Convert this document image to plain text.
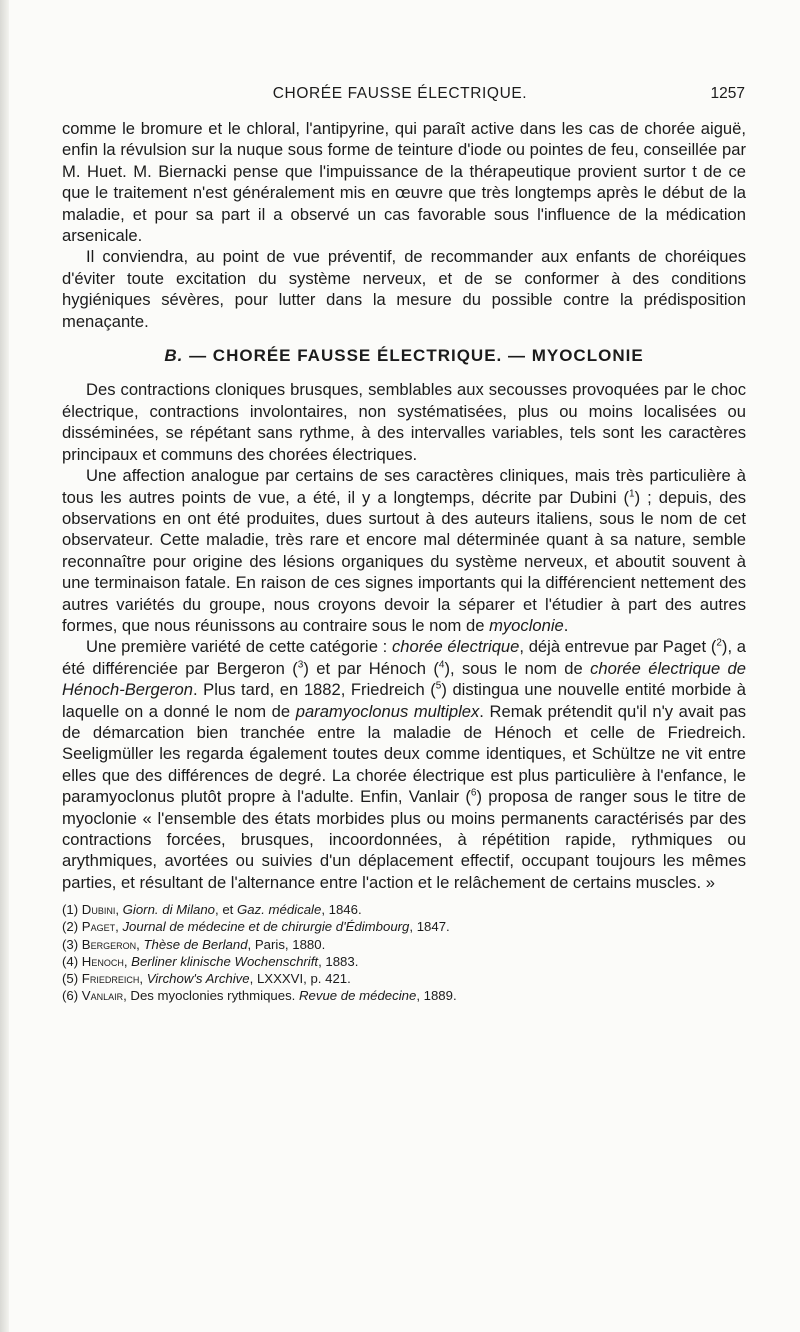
CHORÉE FAUSSE ÉLECTRIQUE.	1257

comme le bromure et le chloral, l'antipyrine, qui paraît active dans les cas de chorée aiguë, enfin la révulsion sur la nuque sous forme de teinture d'iode ou pointes de feu, conseillée par M. Huet. M. Biernacki pense que l'impuissance de la thérapeutique provient surtor t de ce que le traitement n'est généralement mis en œuvre que très longtemps après le début de la maladie, et pour sa part il a observé un cas favorable sous l'influence de la médication arsenicale.

Il conviendra, au point de vue préventif, de recommander aux enfants de choréiques d'éviter toute excitation du système nerveux, et de se conformer à des conditions hygiéniques sévères, pour lutter dans la mesure du possible contre la prédisposition menaçante.

B. — CHORÉE FAUSSE ÉLECTRIQUE. — MYOCLONIE

Des contractions cloniques brusques, semblables aux secousses provoquées par le choc électrique, contractions involontaires, non systématisées, plus ou moins localisées ou disséminées, se répétant sans rythme, à des intervalles variables, tels sont les caractères principaux et communs des chorées électriques.

Une affection analogue par certains de ses caractères cliniques, mais très particulière à tous les autres points de vue, a été, il y a longtemps, décrite par Dubini ($^1$) ; depuis, des observations en ont été produites, dues surtout à des auteurs italiens, sous le nom de cet observateur. Cette maladie, très rare et encore mal déterminée quant à sa nature, semble reconnaître pour origine des lésions organiques du système nerveux, et aboutit souvent à une terminaison fatale. En raison de ces signes importants qui la différencient nettement des autres variétés du groupe, nous croyons devoir la séparer et l'étudier à part des autres formes, que nous réunissons au contraire sous le nom de myoclonie.

Une première variété de cette catégorie : chorée électrique, déjà entrevue par Paget ($^2$), a été différenciée par Bergeron ($^3$) et par Hénoch ($^4$), sous le nom de chorée électrique de Hénoch-Bergeron. Plus tard, en 1882, Friedreich ($^5$) distingua une nouvelle entité morbide à laquelle on a donné le nom de paramyoclonus multiplex. Remak prétendit qu'il n'y avait pas de démarcation bien tranchée entre la maladie de Hénoch et celle de Friedreich. Seeligmüller les regarda également toutes deux comme identiques, et Schültze ne vit entre elles que des différences de degré. La chorée électrique est plus particulière à l'enfance, le paramyoclonus plutôt propre à l'adulte. Enfin, Vanlair ($^6$) proposa de ranger sous le titre de myoclonie « l'ensemble des états morbides plus ou moins permanents caractérisés par des contractions forcées, brusques, incoordonnées, à répétition rapide, rythmiques ou arythmiques, avortées ou suivies d'un déplacement effectif, occupant toujours les mêmes parties, et résultant de l'alternance entre l'action et le relâchement de certains muscles. »

(1) Dubini, Giorn. di Milano, et Gaz. médicale, 1846.

(2) Paget, Journal de médecine et de chirurgie d'Édimbourg, 1847.

(3) Bergeron, Thèse de Berland, Paris, 1880.

(4) Henoch, Berliner klinische Wochenschrift, 1883.

(5) Friedreich, Virchow's Archive, LXXXVI, p. 421.

(6) Vanlair, Des myoclonies rythmiques. Revue de médecine, 1889.
